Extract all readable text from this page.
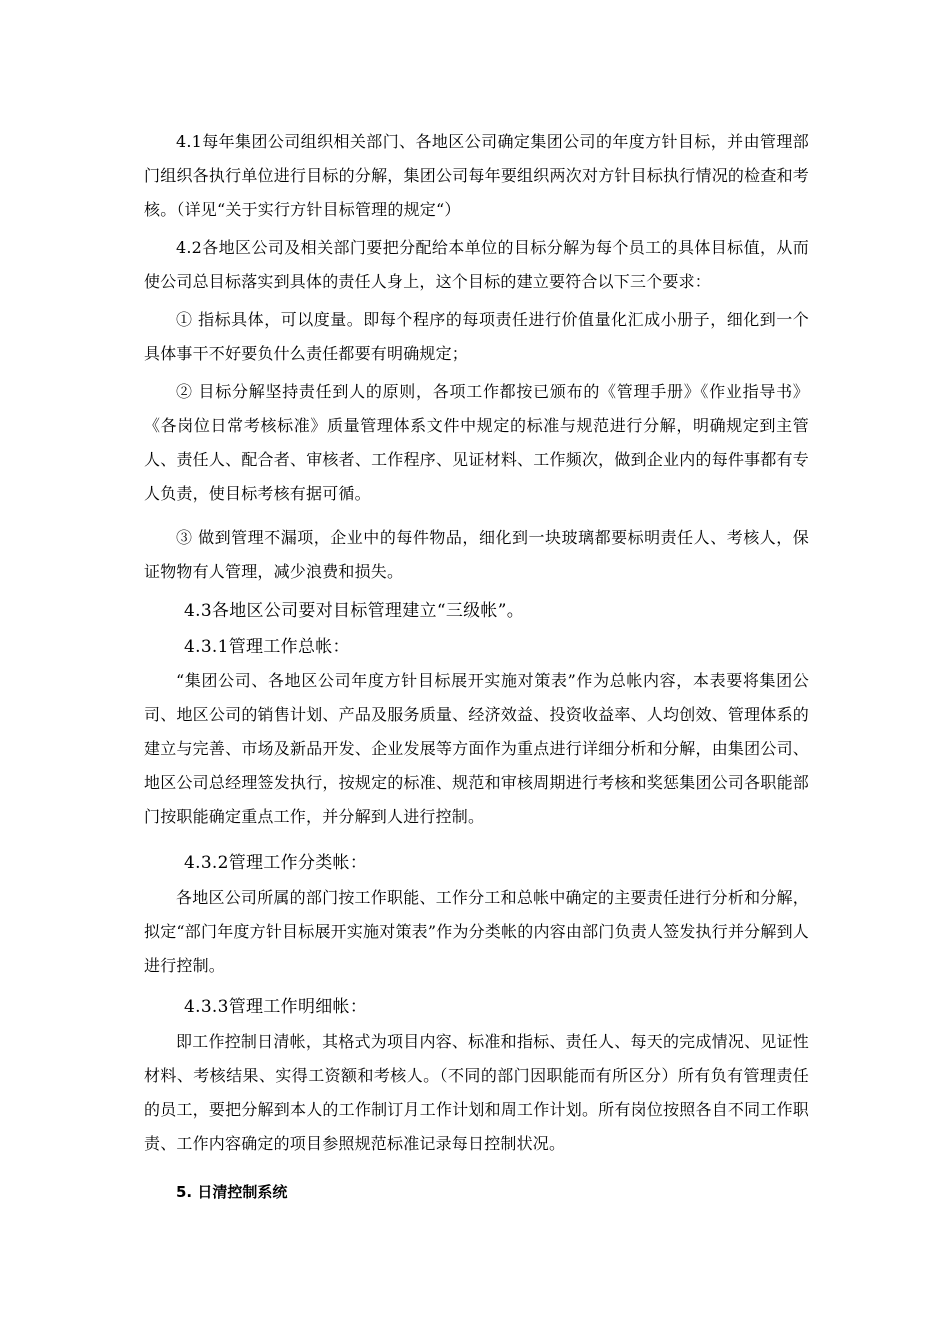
4.1每年集团公司组织相关部门、各地区公司确定集团公司的年度方针目标，并由管理部门组织各执行单位进行目标的分解，集团公司每年要组织两次对方针目标执行情况的检查和考核。（详见“关于实行方针目标管理的规定“）

4.2各地区公司及相关部门要把分配给本单位的目标分解为每个员工的具体目标值，从而使公司总目标落实到具体的责任人身上，这个目标的建立要符合以下三个要求：

① 指标具体，可以度量。即每个程序的每项责任进行价值量化汇成小册子，细化到一个具体事干不好要负什么责任都要有明确规定；

② 目标分解坚持责任到人的原则，各项工作都按已颁布的《管理手册》《作业指导书》《各岗位日常考核标准》质量管理体系文件中规定的标准与规范进行分解，明确规定到主管人、责任人、配合者、审核者、工作程序、见证材料、工作频次，做到企业内的每件事都有专人负责，使目标考核有据可循。

③ 做到管理不漏项，企业中的每件物品，细化到一块玻璃都要标明责任人、考核人，保证物物有人管理，减少浪费和损失。

4.3各地区公司要对目标管理建立“三级帐”。

4.3.1管理工作总帐：

“集团公司、各地区公司年度方针目标展开实施对策表”作为总帐内容，本表要将集团公司、地区公司的销售计划、产品及服务质量、经济效益、投资收益率、人均创效、管理体系的建立与完善、市场及新品开发、企业发展等方面作为重点进行详细分析和分解，由集团公司、地区公司总经理签发执行，按规定的标准、规范和审核周期进行考核和奖惩集团公司各职能部门按职能确定重点工作，并分解到人进行控制。

4.3.2管理工作分类帐：

各地区公司所属的部门按工作职能、工作分工和总帐中确定的主要责任进行分析和分解，拟定“部门年度方针目标展开实施对策表”作为分类帐的内容由部门负责人签发执行并分解到人进行控制。

4.3.3管理工作明细帐：

即工作控制日清帐，其格式为项目内容、标准和指标、责任人、每天的完成情况、见证性材料、考核结果、实得工资额和考核人。（不同的部门因职能而有所区分）所有负有管理责任的员工，要把分解到本人的工作制订月工作计划和周工作计划。所有岗位按照各自不同工作职责、工作内容确定的项目参照规范标准记录每日控制状况。

5. 日清控制系统
